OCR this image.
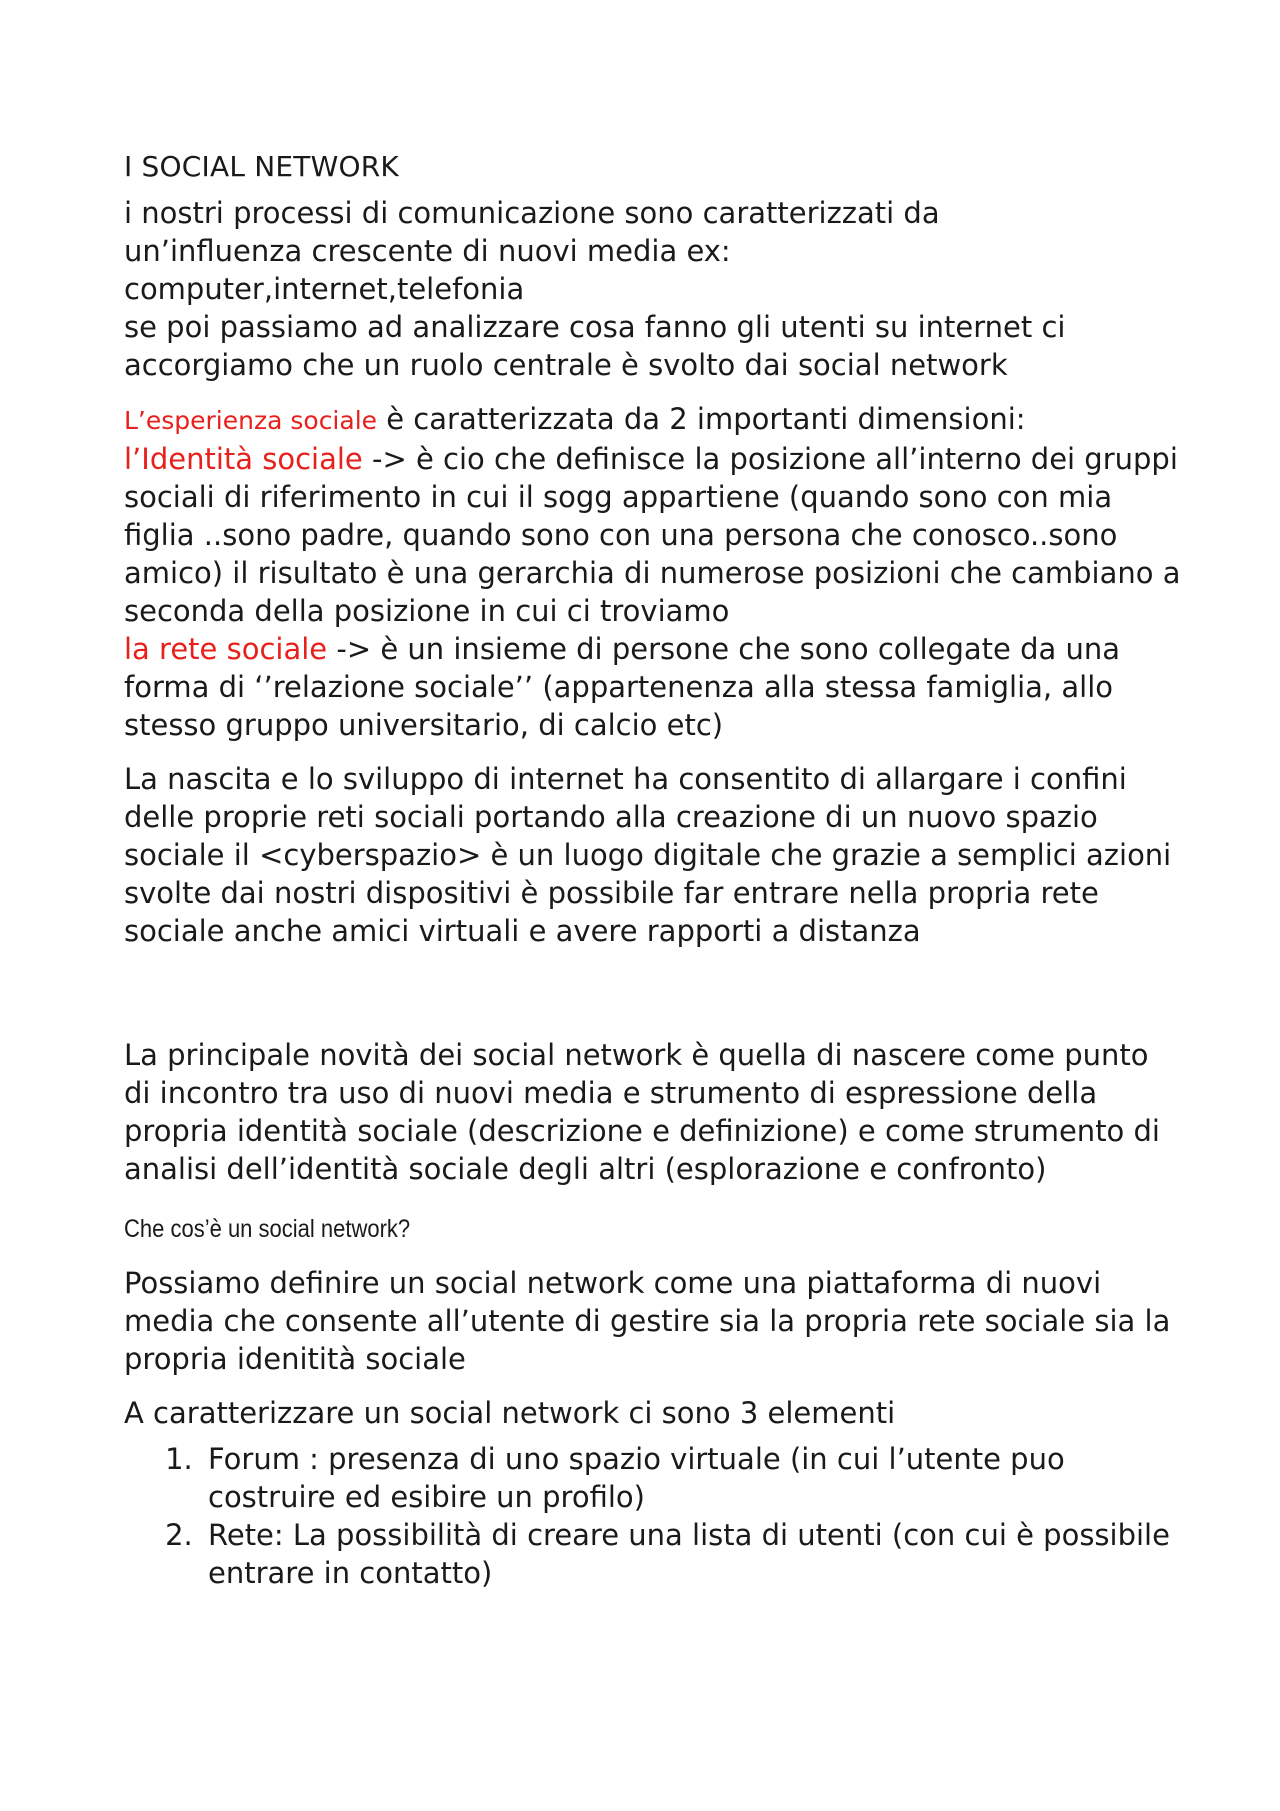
I SOCIAL NETWORK

i nostri processi di comunicazione sono caratterizzati da

un’influenza crescente di nuovi media ex:

computer,internet,telefonia

se poi passiamo ad analizzare cosa fanno gli utenti su internet ci accorgiamo che un ruolo centrale è svolto dai social network

L’esperienza sociale è caratterizzata da 2 importanti dimensioni:

l’Identità sociale -> è cio che definisce la posizione all’interno dei gruppi sociali di riferimento in cui il sogg appartiene (quando sono con mia figlia ..sono padre, quando sono con una persona che conosco..sono amico) il risultato è una gerarchia di numerose posizioni che cambiano a seconda della posizione in cui ci troviamo

la rete sociale -> è un insieme di persone che sono collegate da una forma di ‘’relazione sociale’’ (appartenenza alla stessa famiglia, allo stesso gruppo universitario, di calcio etc)

La nascita e lo sviluppo di internet ha consentito di allargare i confini delle proprie reti sociali portando alla creazione di un nuovo spazio sociale il <cyberspazio> è un luogo digitale che grazie a semplici azioni svolte dai nostri dispositivi è possibile far entrare nella propria rete sociale anche amici virtuali e avere rapporti a distanza

La principale novità dei social network è quella di nascere come punto di incontro tra uso di nuovi media e strumento di espressione della propria identità sociale (descrizione e definizione) e come strumento di analisi dell’identità sociale degli altri (esplorazione e confronto)

Che cos’è un social network?

Possiamo definire un social network come una piattaforma di nuovi media che consente all’utente di gestire sia la propria rete sociale sia la propria idenitità sociale

A caratterizzare un social network ci sono 3 elementi

1. Forum : presenza di uno spazio virtuale (in cui l’utente puo costruire ed esibire un profilo)
2. Rete: La possibilità di creare una lista di utenti (con cui è possibile entrare in contatto)
